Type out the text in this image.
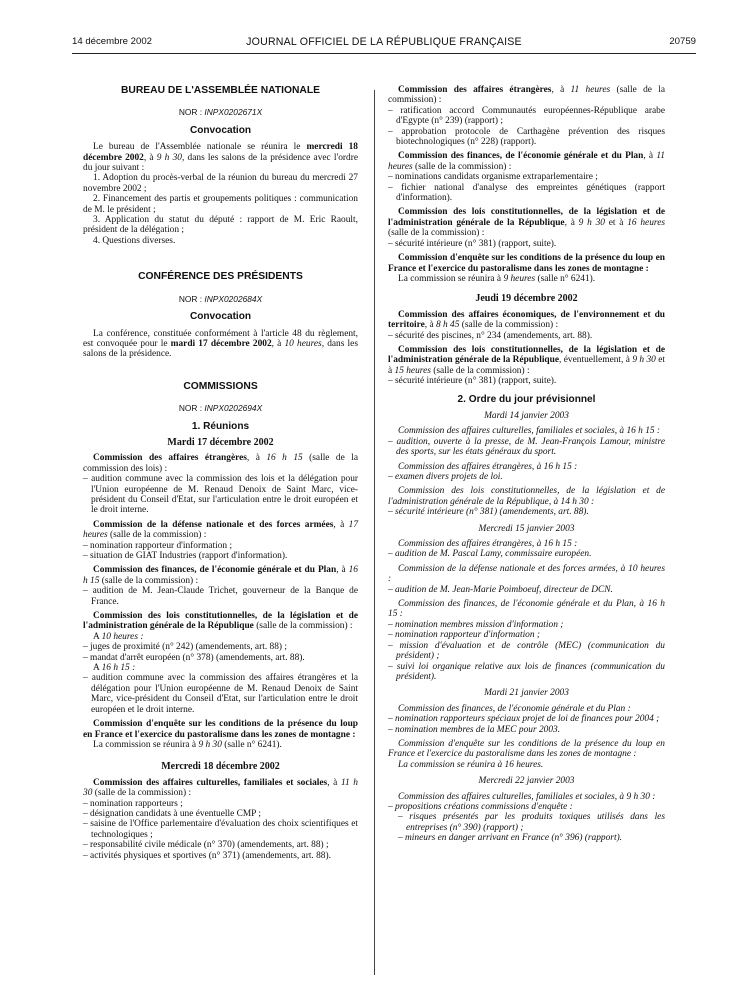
14 décembre 2002	JOURNAL OFFICIEL DE LA RÉPUBLIQUE FRANÇAISE	20759
BUREAU DE L'ASSEMBLÉE NATIONALE
NOR : INPX0202671X
Convocation

Le bureau de l'Assemblée nationale se réunira le mercredi 18 décembre 2002, à 9 h 30, dans les salons de la présidence avec l'ordre du jour suivant :

1. Adoption du procès-verbal de la réunion du bureau du mercredi 27 novembre 2002 ;

2. Financement des partis et groupements politiques : communication de M. le président ;

3. Application du statut du député : rapport de M. Eric Raoult, président de la délégation ;

4. Questions diverses.

CONFÉRENCE DES PRÉSIDENTS
NOR : INPX0202684X
Convocation

La conférence, constituée conformément à l'article 48 du règlement, est convoquée pour le mardi 17 décembre 2002, à 10 heures, dans les salons de la présidence.

COMMISSIONS
NOR : INPX0202694X
1. Réunions
Mardi 17 décembre 2002

Commission des affaires étrangères, à 16 h 15 (salle de la commission des lois) :

– audition commune avec la commission des lois et la délégation pour l'Union européenne de M. Renaud Denoix de Saint Marc, vice-président du Conseil d'Etat, sur l'articulation entre le droit européen et le droit interne.

Commission de la défense nationale et des forces armées, à 17 heures (salle de la commission) :

– nomination rapporteur d'information ;

– situation de GIAT Industries (rapport d'information).

Commission des finances, de l'économie générale et du Plan, à 16 h 15 (salle de la commission) :

– audition de M. Jean-Claude Trichet, gouverneur de la Banque de France.

Commission des lois constitutionnelles, de la législation et de l'administration générale de la République (salle de la commission) :

A 10 heures :

– juges de proximité (n° 242) (amendements, art. 88) ;

– mandat d'arrêt européen (n° 378) (amendements, art. 88).

A 16 h 15 :

– audition commune avec la commission des affaires étrangères et la délégation pour l'Union européenne de M. Renaud Denoix de Saint Marc, vice-président du Conseil d'Etat, sur l'articulation entre le droit européen et le droit interne.

Commission d'enquête sur les conditions de la présence du loup en France et l'exercice du pastoralisme dans les zones de montagne :

La commission se réunira à 9 h 30 (salle n° 6241).

Mercredi 18 décembre 2002

Commission des affaires culturelles, familiales et sociales, à 11 h 30 (salle de la commission) :

– nomination rapporteurs ;

– désignation candidats à une éventuelle CMP ;

– saisine de l'Office parlementaire d'évaluation des choix scientifiques et technologiques ;

– responsabilité civile médicale (n° 370) (amendements, art. 88) ;

– activités physiques et sportives (n° 371) (amendements, art. 88).

Commission des affaires étrangères, à 11 heures (salle de la commission) :

– ratification accord Communautés européennes-République arabe d'Egypte (n° 239) (rapport) ;

– approbation protocole de Carthagène prévention des risques biotechnologiques (n° 228) (rapport).

Commission des finances, de l'économie générale et du Plan, à 11 heures (salle de la commission) :

– nominations candidats organisme extraparlementaire ;

– fichier national d'analyse des empreintes génétiques (rapport d'information).

Commission des lois constitutionnelles, de la législation et de l'administration générale de la République, à 9 h 30 et à 16 heures (salle de la commission) :

– sécurité intérieure (n° 381) (rapport, suite).

Commission d'enquête sur les conditions de la présence du loup en France et l'exercice du pastoralisme dans les zones de montagne :

La commission se réunira à 9 heures (salle n° 6241).

Jeudi 19 décembre 2002

Commission des affaires économiques, de l'environnement et du territoire, à 8 h 45 (salle de la commission) :

– sécurité des piscines, n° 234 (amendements, art. 88).

Commission des lois constitutionnelles, de la législation et de l'administration générale de la République, éventuellement, à 9 h 30 et à 15 heures (salle de la commission) :

– sécurité intérieure (n° 381) (rapport, suite).

2. Ordre du jour prévisionnel
Mardi 14 janvier 2003

Commission des affaires culturelles, familiales et sociales, à 16 h 15 :

– audition, ouverte à la presse, de M. Jean-François Lamour, ministre des sports, sur les états généraux du sport.

Commission des affaires étrangères, à 16 h 15 :

– examen divers projets de loi.

Commission des lois constitutionnelles, de la législation et de l'administration générale de la République, à 14 h 30 :

– sécurité intérieure (n° 381) (amendements, art. 88).

Mercredi 15 janvier 2003

Commission des affaires étrangères, à 16 h 15 :

– audition de M. Pascal Lamy, commissaire européen.

Commission de la défense nationale et des forces armées, à 10 heures :

– audition de M. Jean-Marie Poimboeuf, directeur de DCN.

Commission des finances, de l'économie générale et du Plan, à 16 h 15 :

– nomination membres mission d'information ;

– nomination rapporteur d'information ;

– mission d'évaluation et de contrôle (MEC) (communication du président) ;

– suivi loi organique relative aux lois de finances (communication du président).

Mardi 21 janvier 2003

Commission des finances, de l'économie générale et du Plan :

– nomination rapporteurs spéciaux projet de loi de finances pour 2004 ;

– nomination membres de la MEC pour 2003.

Commission d'enquête sur les conditions de la présence du loup en France et l'exercice du pastoralisme dans les zones de montagne :

La commission se réunira à 16 heures.

Mercredi 22 janvier 2003

Commission des affaires culturelles, familiales et sociales, à 9 h 30 :

– propositions créations commissions d'enquête :

– risques présentés par les produits toxiques utilisés dans les entreprises (n° 390) (rapport) ;

– mineurs en danger arrivant en France (n° 396) (rapport).
